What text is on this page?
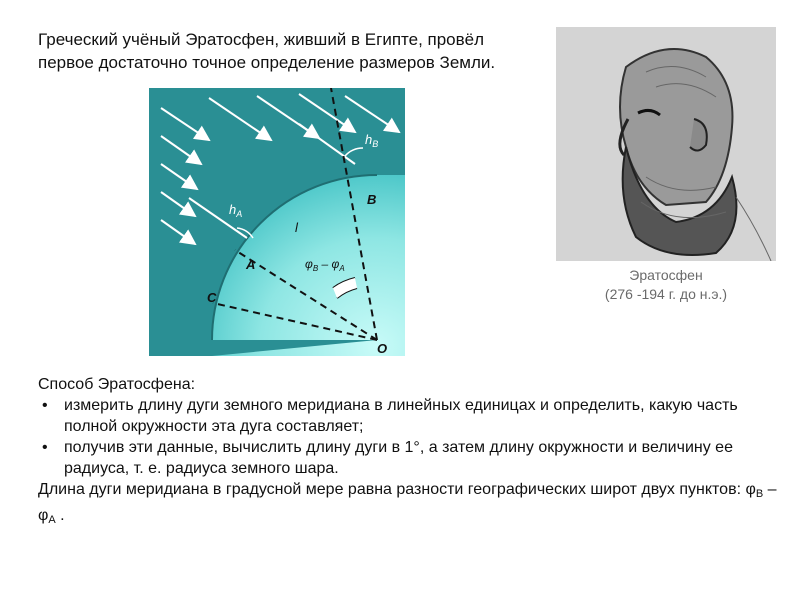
Греческий учёный Эратосфен, живший в Египте, провёл
первое достаточно точное определение размеров Земли.
$h_B$
$h_A$
B
A
C
O
l
$\varphi_B - \varphi_A$	Эратосфен
(276 -194 г. до н.э.)

Способ Эратосфена:

• измерить длину дуги земного меридиана в линейных единицах и определить, какую часть полной окружности эта дуга составляет;
• получив эти данные, вычислить длину дуги в 1°, а затем длину окружности и величину ее радиуса, т. е. радиуса земного шара.

Длина дуги меридиана в градусной мере равна разности географических широт двух пунктов: $\varphi_B - \varphi_A$ .
